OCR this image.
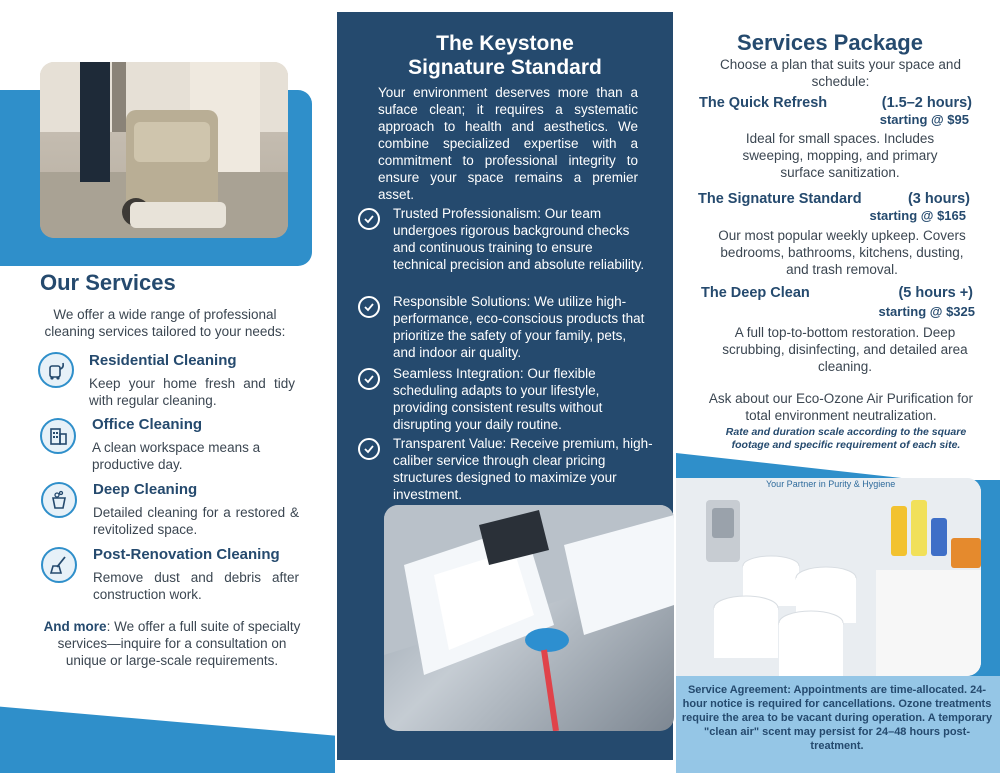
Our Services
We offer a wide range of professional cleaning services tailored to your needs:
Residential Cleaning
Keep your home fresh and tidy with regular cleaning.
Office Cleaning
A clean workspace means a productive day.
Deep Cleaning
Detailed cleaning for a restored & revitolized space.
Post-Renovation Cleaning
Remove dust and debris after construction work.
And more: We offer a full suite of specialty services—inquire for a consultation on unique or large-scale requirements.
The Keystone
Signature Standard
Your environment deserves more than a suface clean; it requires a systematic approach to health and aesthetics. We combine specialized expertise with a commitment to professional integrity to ensure your space remains a premier asset.
Trusted Professionalism: Our team undergoes rigorous background checks and continuous training to ensure technical precision and absolute reliability.
Responsible Solutions: We utilize high-performance, eco-conscious products that prioritize the safety of your family, pets, and indoor air quality.
Seamless Integration: Our flexible scheduling adapts to your lifestyle, providing consistent results without disrupting your daily routine.
Transparent Value: Receive premium, high-caliber service through clear pricing structures designed to maximize your investment.
Services Package
Choose a plan that suits your space and schedule:
The Quick Refresh	(1.5–2 hours)
starting @ $95
Ideal for small spaces. Includes sweeping, mopping, and primary surface sanitization.
The Signature Standard	(3 hours)
starting @ $165
Our most popular weekly upkeep. Covers bedrooms, bathrooms, kitchens, dusting, and trash removal.
The Deep Clean	(5 hours +)
starting @ $325
A full top-to-bottom restoration. Deep scrubbing, disinfecting, and detailed area cleaning.
Ask about our Eco-Ozone Air Purification for total environment neutralization.
Rate and duration scale according to the square footage and specific requirement of each site.
Your Partner in Purity & Hygiene
Service Agreement: Appointments are time-allocated. 24-hour notice is required for cancellations. Ozone treatments require the area to be vacant during operation. A temporary "clean air" scent may persist for 24–48 hours post-treatment.
